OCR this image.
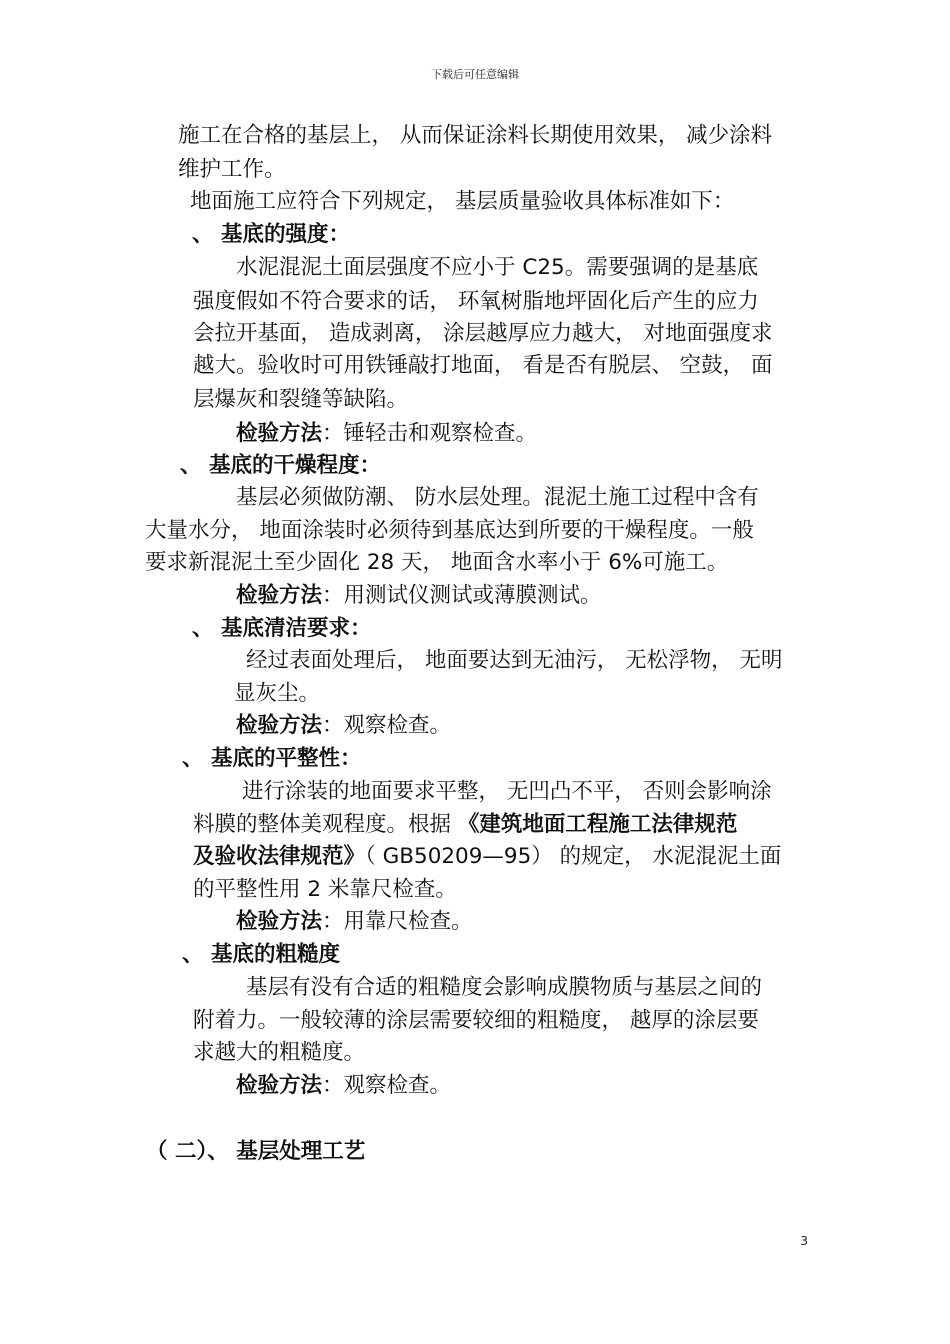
下载后可任意编辑
施工在合格的基层上， 从而保证涂料长期使用效果， 减少涂料
维护工作。
地面施工应符合下列规定， 基层质量验收具体标准如下：
、 基底的强度：
水泥混泥土面层强度不应小于 C25。需要强调的是基底
强度假如不符合要求的话， 环氧树脂地坪固化后产生的应力
会拉开基面， 造成剥离， 涂层越厚应力越大， 对地面强度求
越大。验收时可用铁锤敲打地面， 看是否有脱层、 空鼓， 面
层爆灰和裂缝等缺陷。
检验方法：锤轻击和观察检查。
、 基底的干燥程度：
基层必须做防潮、 防水层处理。混泥土施工过程中含有
大量水分， 地面涂装时必须待到基底达到所要的干燥程度。一般
要求新混泥土至少固化 28 天， 地面含水率小于 6%可施工。
检验方法：用测试仪测试或薄膜测试。
、 基底清洁要求：
经过表面处理后， 地面要达到无油污， 无松浮物， 无明
显灰尘。
检验方法：观察检查。
、 基底的平整性：
进行涂装的地面要求平整， 无凹凸不平， 否则会影响涂
料膜的整体美观程度。根据 《建筑地面工程施工法律规范
及验收法律规范》（ GB50209—95） 的规定， 水泥混泥土面
的平整性用 2 米靠尺检查。
检验方法：用靠尺检查。
、 基底的粗糙度
基层有没有合适的粗糙度会影响成膜物质与基层之间的
附着力。一般较薄的涂层需要较细的粗糙度， 越厚的涂层要
求越大的粗糙度。
检验方法：观察检查。
（ 二）、 基层处理工艺
3
